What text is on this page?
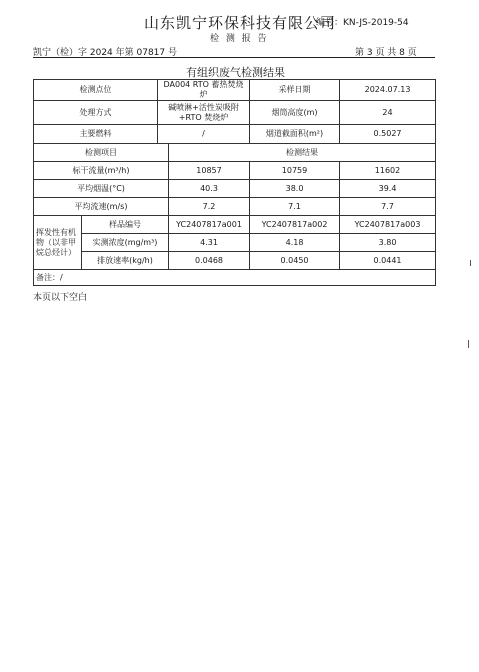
山东凯宁环保科技有限公司
编号：KN-JS-2019-54
检 测 报 告
凯宁（检）字 2024 年第 07817 号	第 3 页 共 8 页
有组织废气检测结果
检测点位		DA004 RTO 蓄热焚烧炉		采样日期	2024.07.13
处理方式		碱喷淋+活性炭吸附+RTO 焚烧炉		烟筒高度(m)	24
主要燃料		/		烟道截面积(m²)	0.5027
检测项目			检测结果		
标干流量(m³/h)			10857	10759	11602
平均烟温(°C)			40.3	38.0	39.4
平均流速(m/s)			7.2	7.1	7.7
挥发性有机物（以非甲烷总烃计）	样品编号		YC2407817a001	YC2407817a002	YC2407817a003
	实测浓度(mg/m³)		4.31	4.18	3.80
	排放速率(kg/h)		0.0468	0.0450	0.0441
备注：/					
本页以下空白
